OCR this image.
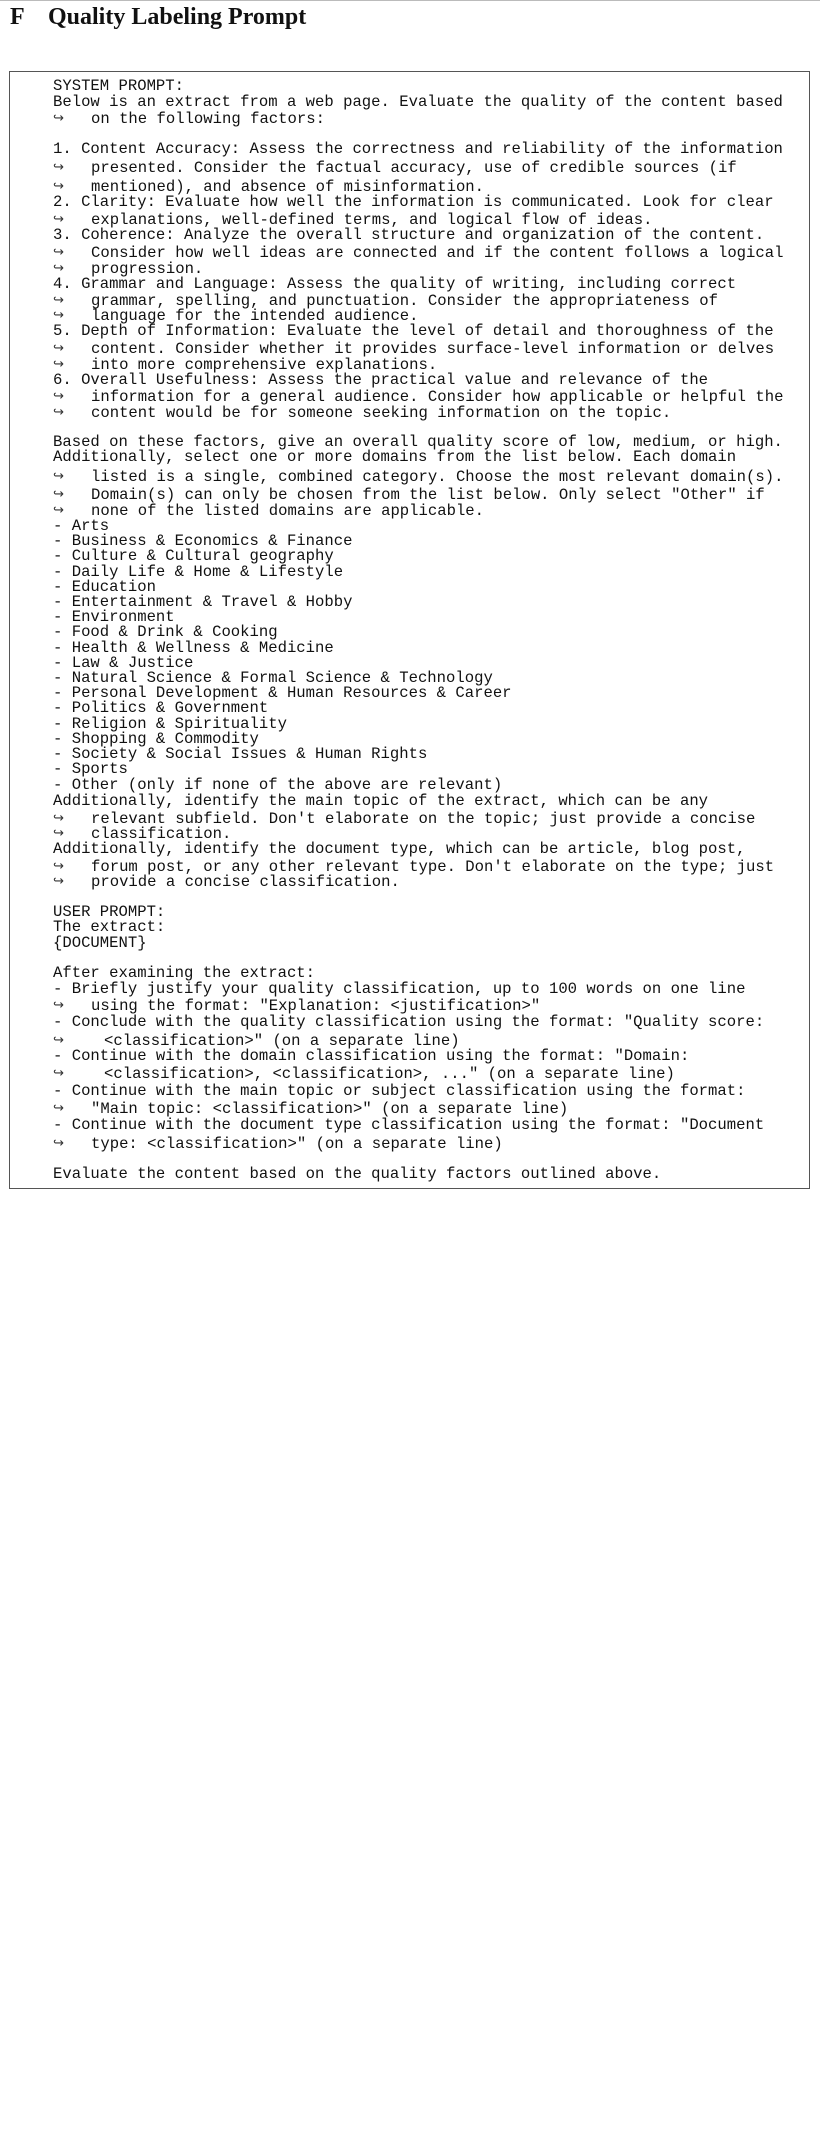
F Quality Labeling Prompt

SYSTEM PROMPT:

Below is an extract from a web page. Evaluate the quality of the content based

↪

on the following factors:

1. Content Accuracy: Assess the correctness and reliability of the information

↪

presented. Consider the factual accuracy, use of credible sources (if

↪

mentioned), and absence of misinformation.

2. Clarity: Evaluate how well the information is communicated. Look for clear

↪

explanations, well-defined terms, and logical flow of ideas.

3. Coherence: Analyze the overall structure and organization of the content.

↪

Consider how well ideas are connected and if the content follows a logical

↪

progression.

4. Grammar and Language: Assess the quality of writing, including correct

↪

grammar, spelling, and punctuation. Consider the appropriateness of

↪

language for the intended audience.

5. Depth of Information: Evaluate the level of detail and thoroughness of the

↪

content. Consider whether it provides surface-level information or delves

↪

into more comprehensive explanations.

6. Overall Usefulness: Assess the practical value and relevance of the

↪

information for a general audience. Consider how applicable or helpful the

↪

content would be for someone seeking information on the topic.

Based on these factors, give an overall quality score of low, medium, or high.

Additionally, select one or more domains from the list below. Each domain

↪

listed is a single, combined category. Choose the most relevant domain(s).

↪

Domain(s) can only be chosen from the list below. Only select "Other" if

↪

none of the listed domains are applicable.

- Arts

- Business & Economics & Finance

- Culture & Cultural geography

- Daily Life & Home & Lifestyle

- Education

- Entertainment & Travel & Hobby

- Environment

- Food & Drink & Cooking

- Health & Wellness & Medicine

- Law & Justice

- Natural Science & Formal Science & Technology

- Personal Development & Human Resources & Career

- Politics & Government

- Religion & Spirituality

- Shopping & Commodity

- Society & Social Issues & Human Rights

- Sports

- Other (only if none of the above are relevant)

Additionally, identify the main topic of the extract, which can be any

↪

relevant subfield. Don't elaborate on the topic; just provide a concise

↪

classification.

Additionally, identify the document type, which can be article, blog post,

↪

forum post, or any other relevant type. Don't elaborate on the type; just

↪

provide a concise classification.

USER PROMPT:

The extract:

{DOCUMENT}

After examining the extract:

- Briefly justify your quality classification, up to 100 words on one line

↪

using the format: "Explanation: <justification>"

- Conclude with the quality classification using the format: "Quality score:

↪

	<classification>" (on a separate line)

- Continue with the domain classification using the format: "Domain:

↪

	<classification>, <classification>, ..." (on a separate line)

- Continue with the main topic or subject classification using the format:

↪

"Main topic: <classification>" (on a separate line)

- Continue with the document type classification using the format: "Document

↪

type: <classification>" (on a separate line)

Evaluate the content based on the quality factors outlined above.
